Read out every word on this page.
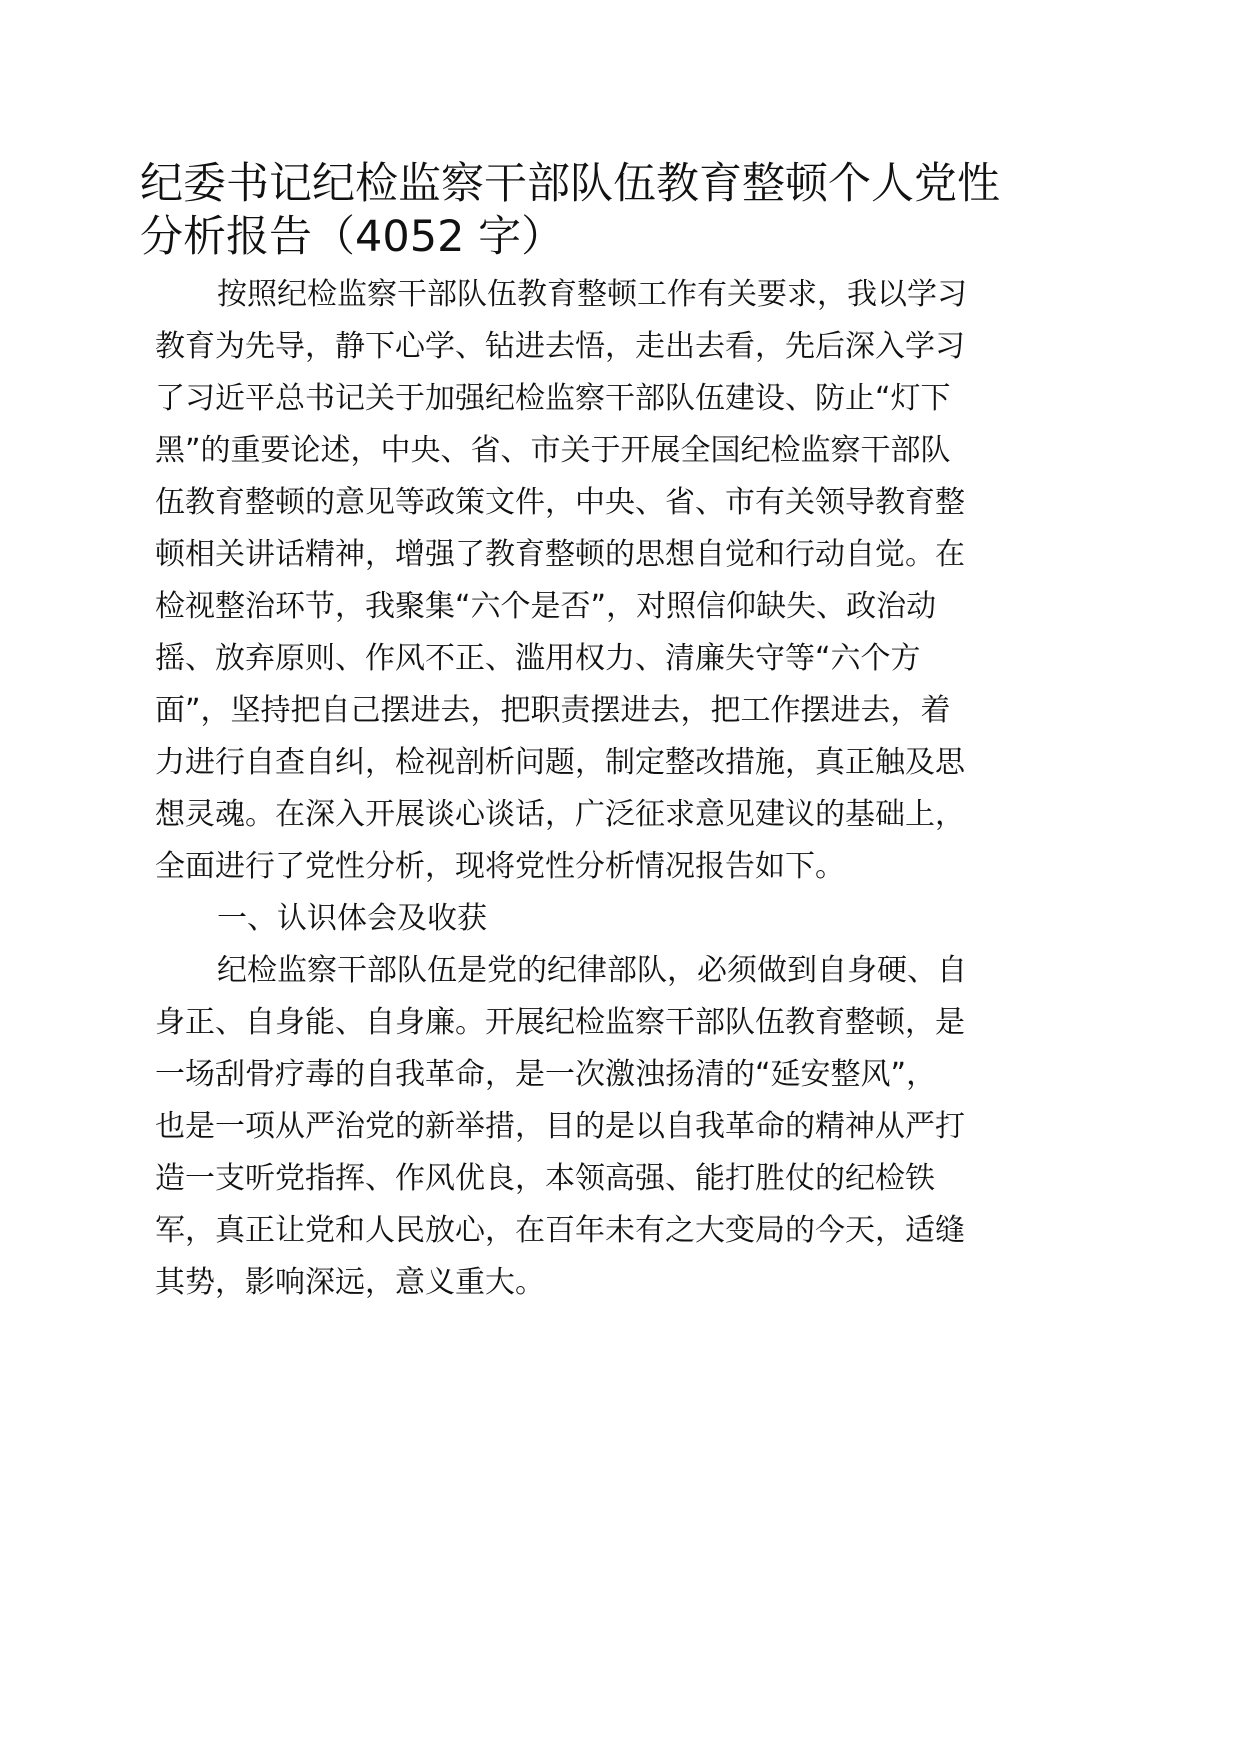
纪委书记纪检监察干部队伍教育整顿个人党性
分析报告（4052 字）
按照纪检监察干部队伍教育整顿工作有关要求，我以学习
教育为先导，静下心学、钻进去悟，走出去看，先后深入学习
了习近平总书记关于加强纪检监察干部队伍建设、防止“灯下
黑”的重要论述，中央、省、市关于开展全国纪检监察干部队
伍教育整顿的意见等政策文件，中央、省、市有关领导教育整
顿相关讲话精神，增强了教育整顿的思想自觉和行动自觉。在
检视整治环节，我聚集“六个是否”，对照信仰缺失、政治动
摇、放弃原则、作风不正、滥用权力、清廉失守等“六个方
面”，坚持把自己摆进去，把职责摆进去，把工作摆进去，着
力进行自查自纠，检视剖析问题，制定整改措施，真正触及思
想灵魂。在深入开展谈心谈话，广泛征求意见建议的基础上，
全面进行了党性分析，现将党性分析情况报告如下。
一、认识体会及收获
纪检监察干部队伍是党的纪律部队，必须做到自身硬、自
身正、自身能、自身廉。开展纪检监察干部队伍教育整顿，是
一场刮骨疗毒的自我革命，是一次激浊扬清的“延安整风”，
也是一项从严治党的新举措，目的是以自我革命的精神从严打
造一支听党指挥、作风优良，本领高强、能打胜仗的纪检铁
军，真正让党和人民放心，在百年未有之大变局的今天，适缝
其势，影响深远，意义重大。
